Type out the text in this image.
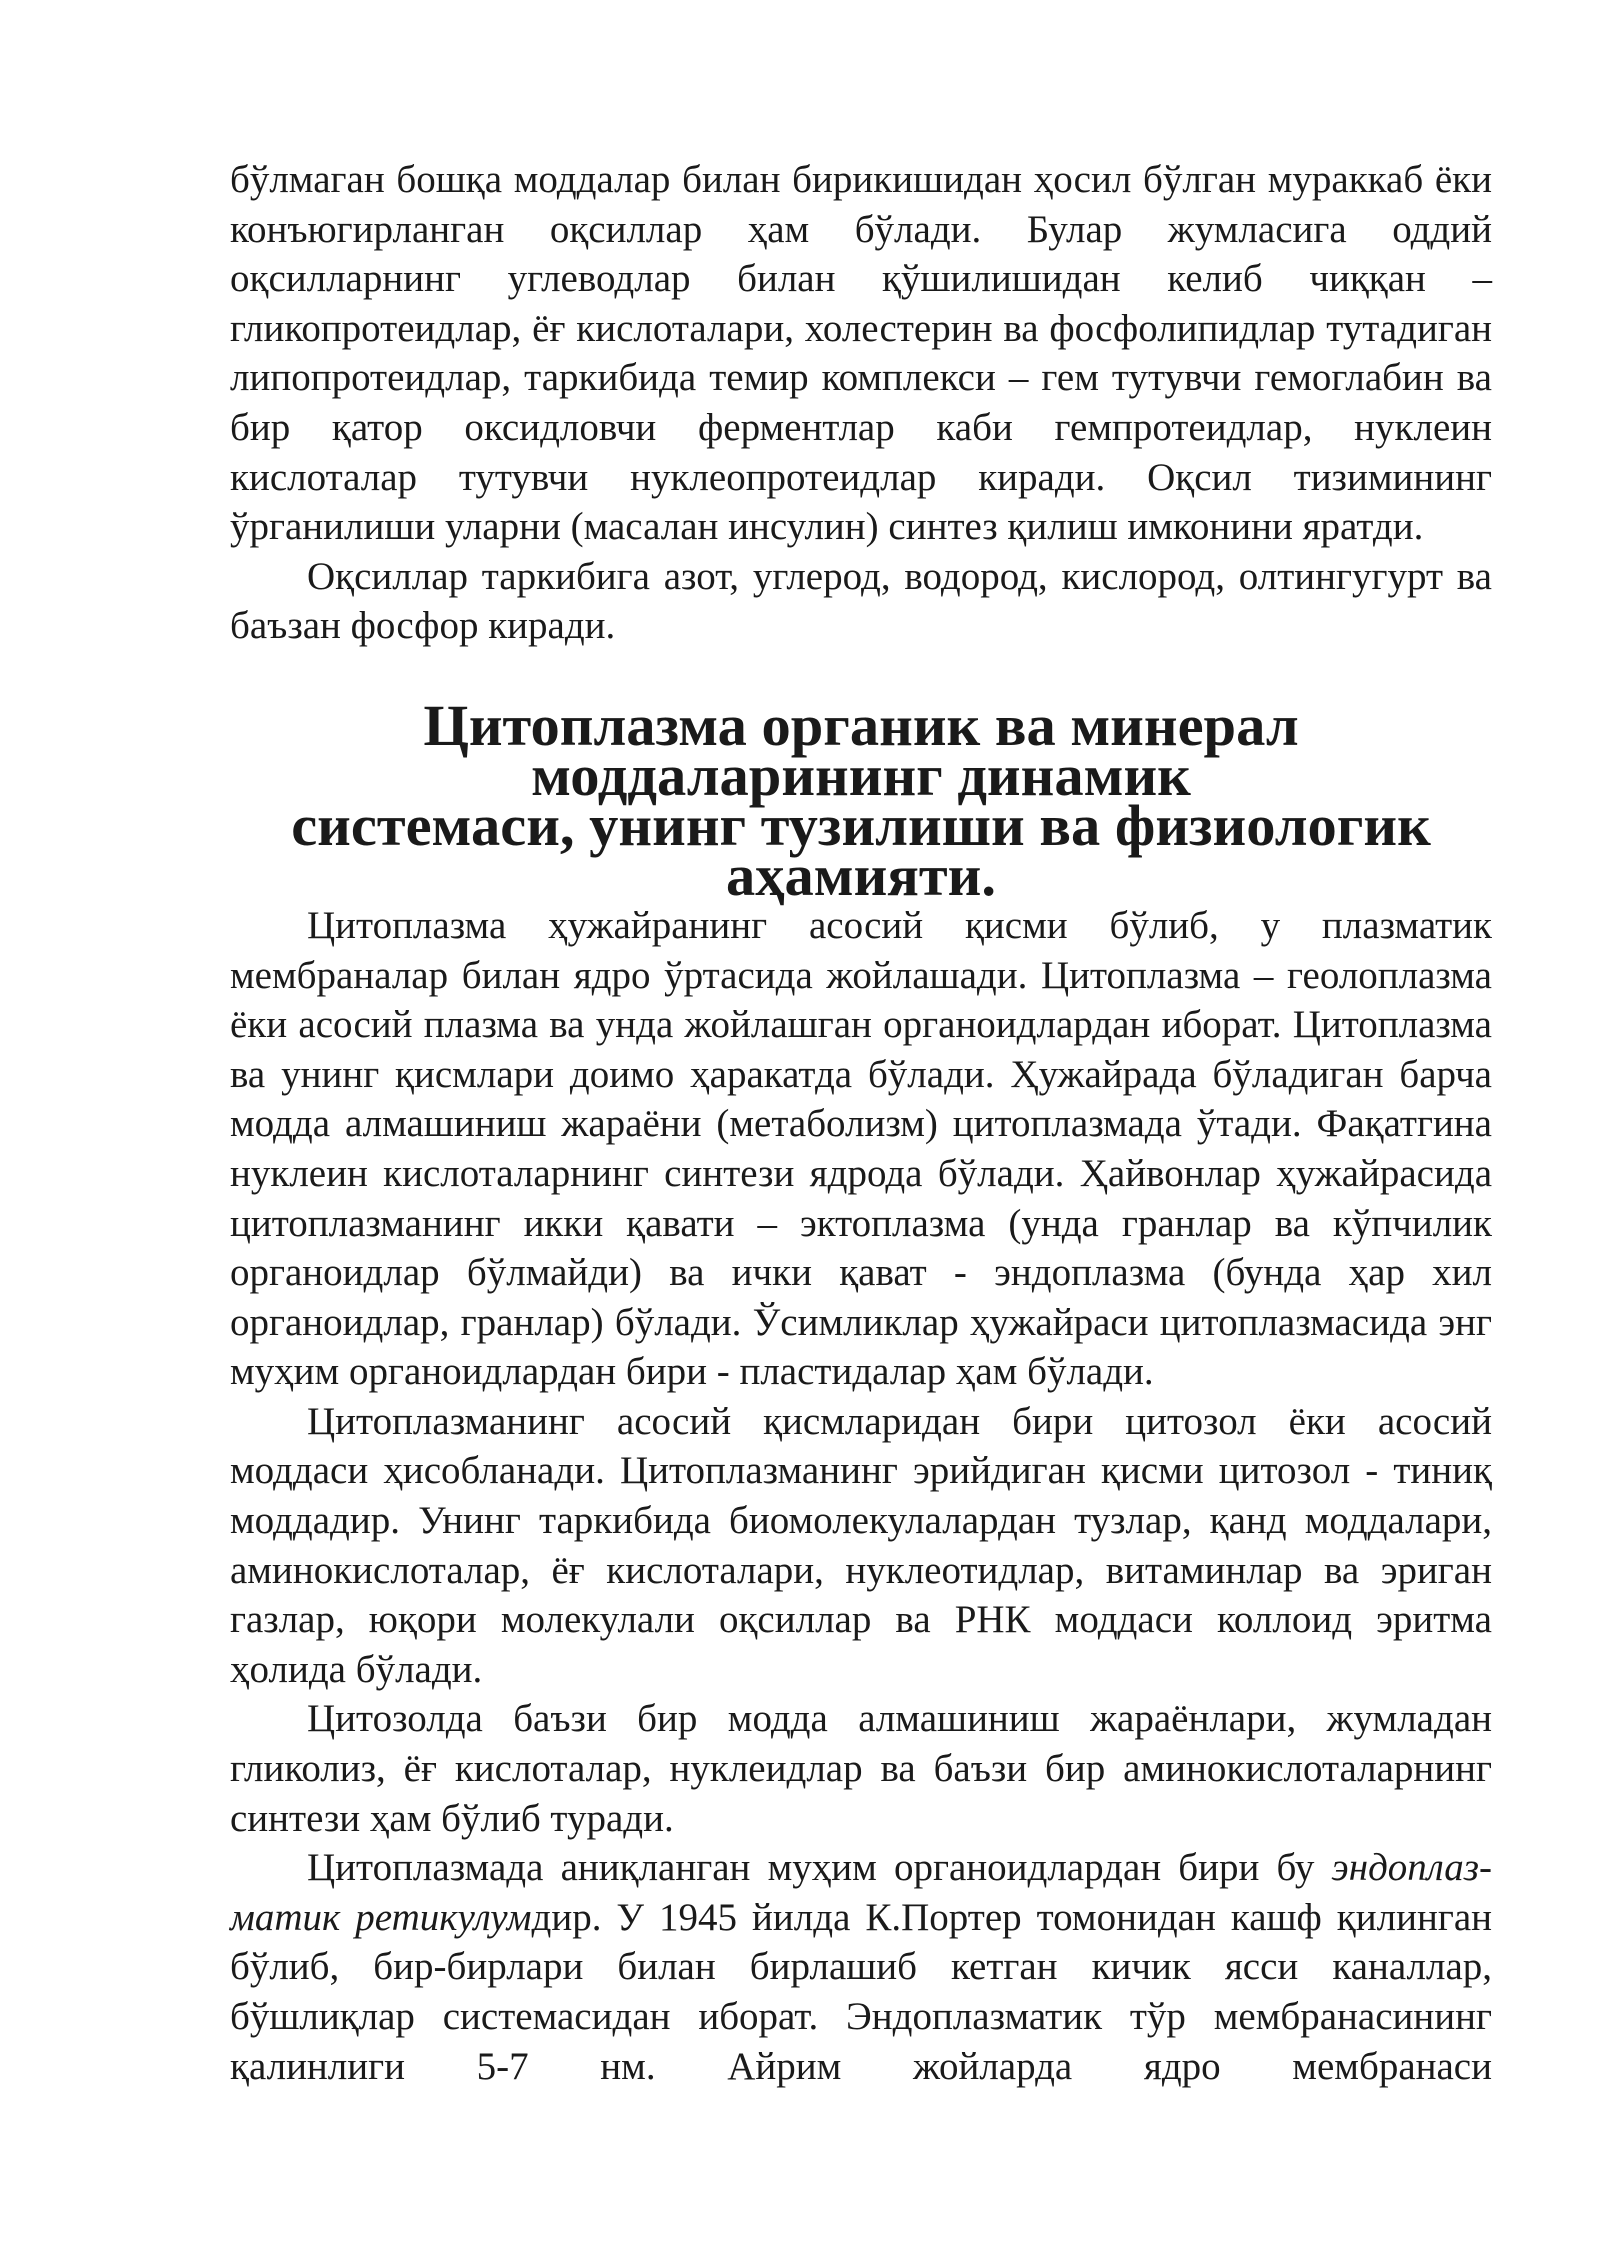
бўлмаган бошқа моддалар билан бирикишидан ҳосил бўлган мураккаб ёки конъюгирланган оқсиллар ҳам бўлади. Булар жумласига оддий оқсилларнинг углеводлар билан қўшилишидан келиб чиққан – гликопротеидлар, ёғ кислоталари, холестерин ва фосфолипидлар тутадиган липопротеидлар, таркибида темир комплекси – гем тутувчи гемоглабин ва бир қатор оксидловчи ферментлар каби гемпротеидлар, нуклеин кислоталар тутувчи нуклеопротеидлар киради. Оқсил тизимининг ўрганилиши уларни (масалан инсулин) синтез қилиш имконини яратди.

Оқсиллар таркибига азот, углерод, водород, кислород, олтингугурт ва баъзан фосфор киради.

Цитоплазма органик ва минерал моддаларининг динамик
системаси, унинг тузилиши ва физиологик аҳамияти.

Цитоплазма ҳужайранинг асосий қисми бўлиб, у плазматик мембраналар билан ядро ўртасида жойлашади. Цитоплазма – геолоплазма ёки асосий плазма ва унда жойлашган органоидлардан иборат. Цитоплазма ва унинг қисмлари доимо ҳаракатда бўлади. Ҳужайрада бўладиган барча модда алмашиниш жараёни (метаболизм) цитоплазмада ўтади. Фақатгина нуклеин кислоталарнинг синтези ядрода бўлади. Ҳайвонлар ҳужайрасида цитоплазманинг икки қавати – эктоплазма (унда гранлар ва кўпчилик органоидлар бўлмайди) ва ички қават - эндоплазма (бунда ҳар хил органоидлар, гранлар) бўлади. Ўсимликлар ҳужайраси цитоплазмасида энг муҳим органоидлардан бири - пластидалар ҳам бўлади.

Цитоплазманинг асосий қисмларидан бири цитозол ёки асосий моддаси ҳисобланади. Цитоплазманинг эрийдиган қисми цитозол - тиниқ моддадир. Унинг таркибида биомолекулалардан тузлар, қанд моддалари, аминокислоталар, ёғ кислоталари, нуклеотидлар, витаминлар ва эриган газлар, юқори молекулали оқсиллар ва РНК моддаси коллоид эритма ҳолида бўлади.

Цитозолда баъзи бир модда алмашиниш жараёнлари, жумладан гликолиз, ёғ кислоталар, нуклеидлар ва баъзи бир аминокислоталарнинг синтези ҳам бўлиб туради.

Цитоплазмада аниқланган муҳим органоидлардан бири бу эндоплаз-матик ретикулумдир. У 1945 йилда К.Портер томонидан кашф қилинган бўлиб, бир-бирлари билан бирлашиб кетган кичик ясси каналлар, бўшлиқлар системасидан иборат. Эндоплазматик тўр мембранасининг қалинлиги 5-7 нм. Айрим жойларда ядро мембранаси
